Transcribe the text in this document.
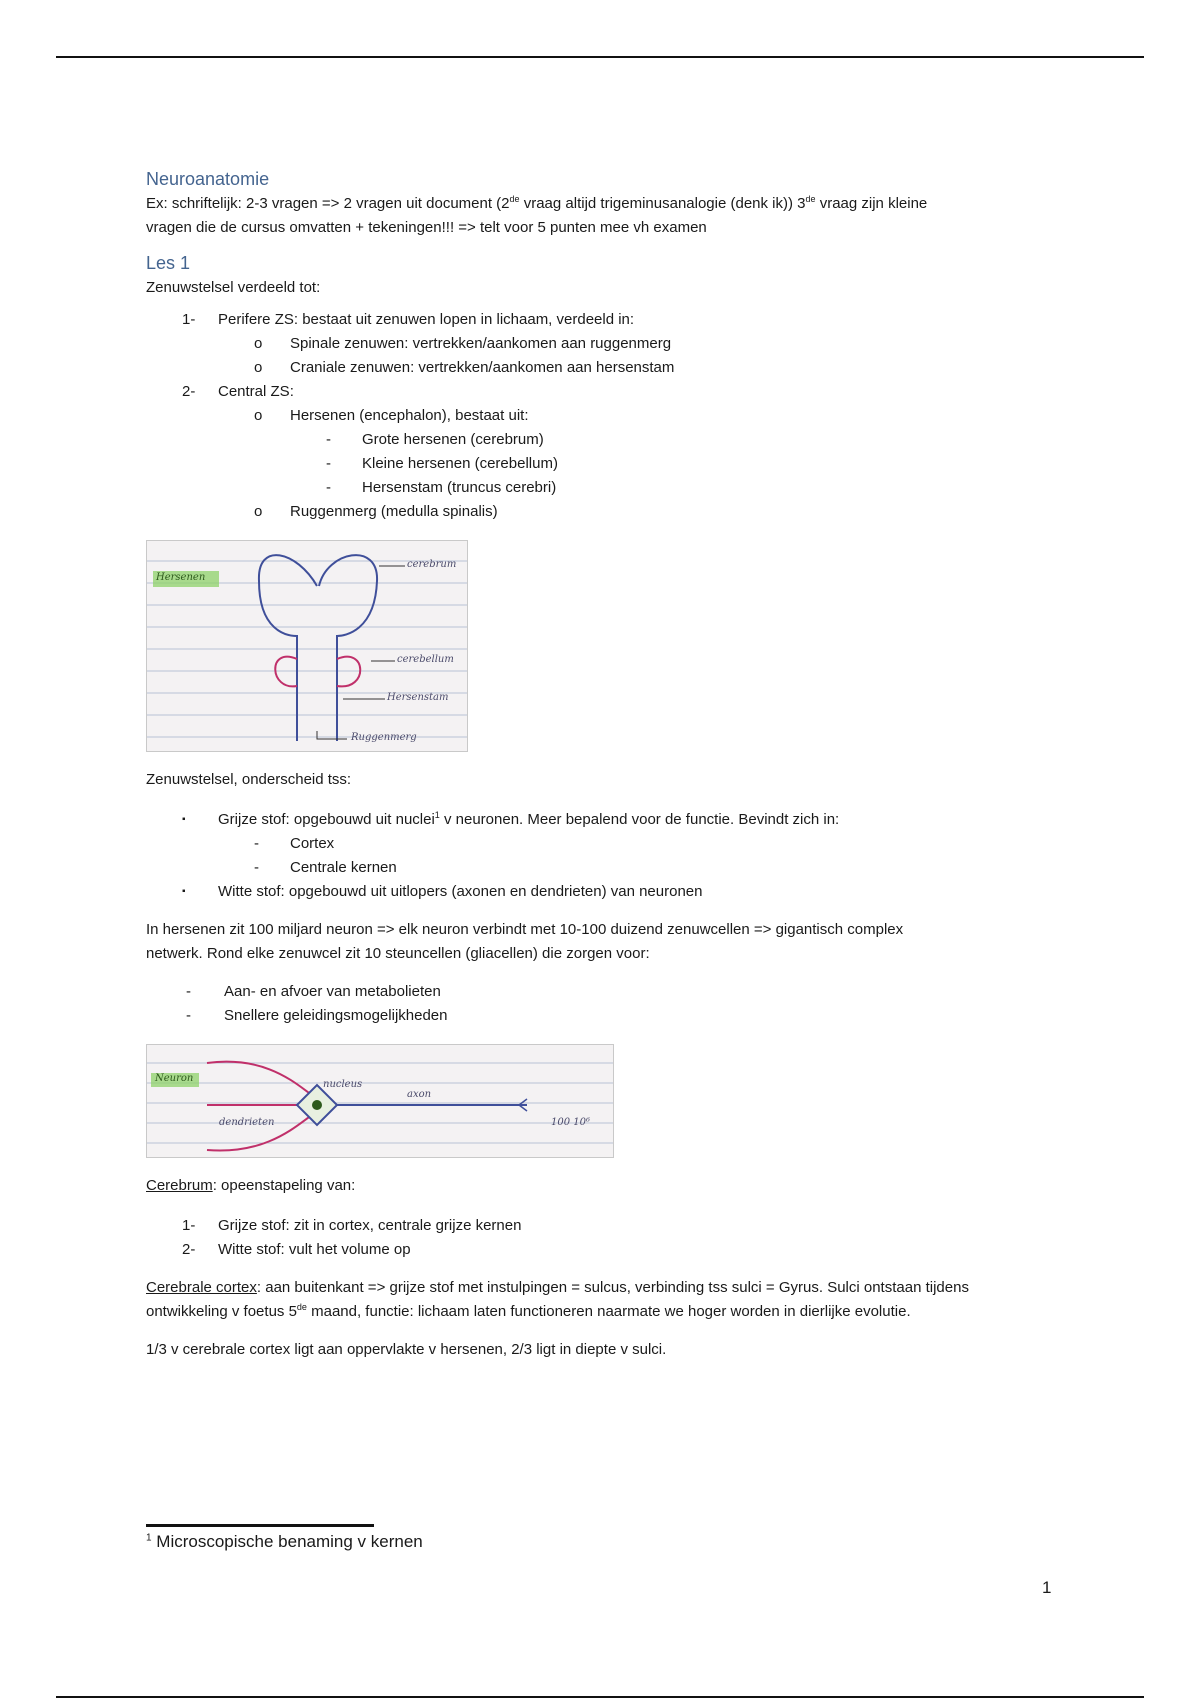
Neuroanatomie

Ex: schriftelijk: 2-3 vragen => 2 vragen uit document (2de vraag altijd trigeminusanalogie (denk ik)) 3de vraag zijn kleine

vragen die de cursus omvatten + tekeningen!!! => telt voor 5 punten mee vh examen

Les 1

Zenuwstelsel verdeeld tot:

1- Perifere ZS: bestaat uit zenuwen lopen in lichaam, verdeeld in:
o Spinale zenuwen: vertrekken/aankomen aan ruggenmerg
o Craniale zenuwen: vertrekken/aankomen aan hersenstam
2- Central ZS:
o Hersenen (encephalon), bestaat uit:
- Grote hersenen (cerebrum)
- Kleine hersenen (cerebellum)
- Hersenstam (truncus cerebri)
o Ruggenmerg (medulla spinalis)
Hersenen
cerebrum
cerebellum
Hersenstam
Ruggenmerg

Zenuwstelsel, onderscheid tss:

▪ Grijze stof: opgebouwd uit nuclei$^1$ v neuronen. Meer bepalend voor de functie. Bevindt zich in:
- Cortex
- Centrale kernen
▪ Witte stof: opgebouwd uit uitlopers (axonen en dendrieten) van neuronen

In hersenen zit 100 miljard neuron => elk neuron verbindt met 10-100 duizend zenuwcellen => gigantisch complex

netwerk. Rond elke zenuwcel zit 10 steuncellen (gliacellen) die zorgen voor:

- Aan- en afvoer van metabolieten
- Snellere geleidingsmogelijkheden
Neuron
nucleus
axon
dendrieten	100 10⁶

Cerebrum: opeenstapeling van:

1- Grijze stof: zit in cortex, centrale grijze kernen
2- Witte stof: vult het volume op

Cerebrale cortex: aan buitenkant => grijze stof met instulpingen = sulcus, verbinding tss sulci = Gyrus. Sulci ontstaan tijdens

ontwikkeling v foetus 5de maand, functie: lichaam laten functioneren naarmate we hoger worden in dierlijke evolutie.

1/3 v cerebrale cortex ligt aan oppervlakte v hersenen, 2/3 ligt in diepte v sulci.

$^1$ Microscopische benaming v kernen
1
